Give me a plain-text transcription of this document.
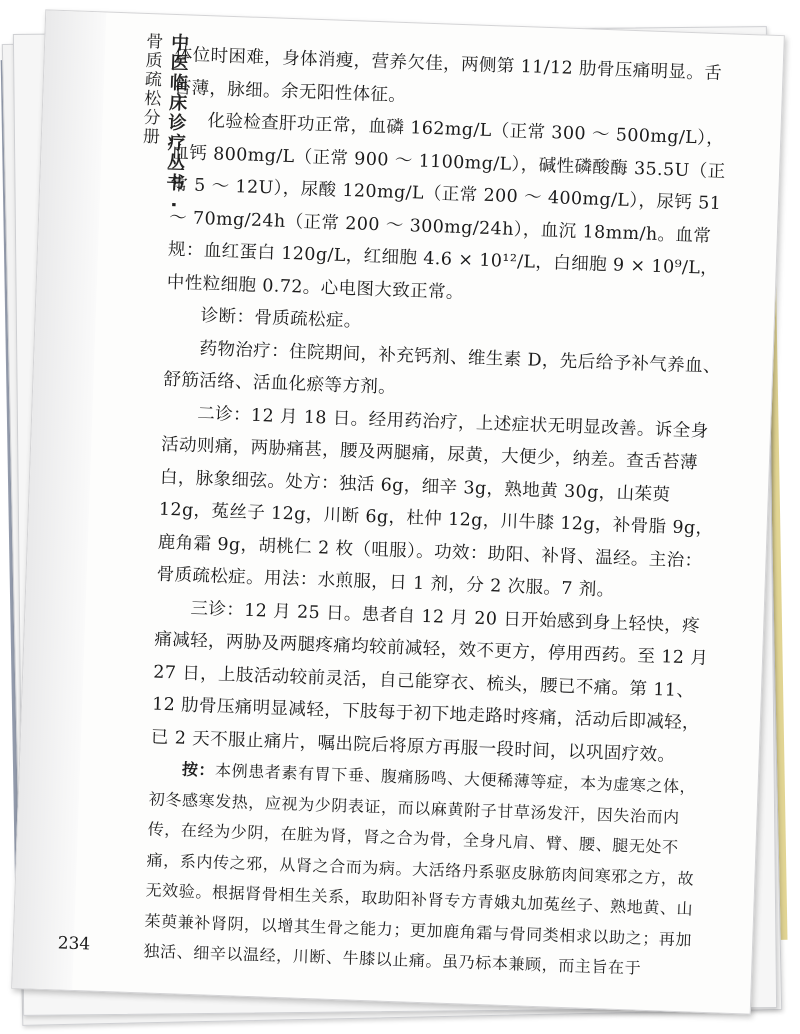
中医临床诊疗丛书 ·
骨质疏松分册 体位时困难，身体消瘦，营养欠佳，两侧第 11/12 肋骨压痛明显。舌苔薄，脉细。余无阳性体征。

化验检查肝功正常，血磷 162mg/L（正常 300 ～ 500mg/L），血钙 800mg/L（正常 900 ～ 1100mg/L），碱性磷酸酶 35.5U（正常 5 ～ 12U），尿酸 120mg/L（正常 200 ～ 400mg/L），尿钙 51 ～ 70mg/24h（正常 200 ～ 300mg/24h），血沉 18mm/h。血常规：血红蛋白 120g/L，红细胞 4.6 × 10¹²/L，白细胞 9 × 10⁹/L，中性粒细胞 0.72。心电图大致正常。

诊断：骨质疏松症。

药物治疗：住院期间，补充钙剂、维生素 D，先后给予补气养血、舒筋活络、活血化瘀等方剂。

二诊：12 月 18 日。经用药治疗，上述症状无明显改善。诉全身活动则痛，两胁痛甚，腰及两腿痛，尿黄，大便少，纳差。查舌苔薄白，脉象细弦。处方：独活 6g，细辛 3g，熟地黄 30g，山茱萸 12g，菟丝子 12g，川断 6g，杜仲 12g，川牛膝 12g，补骨脂 9g，鹿角霜 9g，胡桃仁 2 枚（咀服）。功效：助阳、补肾、温经。主治：骨质疏松症。用法：水煎服，日 1 剂，分 2 次服。7 剂。

三诊：12 月 25 日。患者自 12 月 20 日开始感到身上轻快，疼痛减轻，两胁及两腿疼痛均较前减轻，效不更方，停用西药。至 12 月 27 日，上肢活动较前灵活，自己能穿衣、梳头，腰已不痛。第 11、12 肋骨压痛明显减轻，下肢每于初下地走路时疼痛，活动后即减轻，已 2 天不服止痛片，嘱出院后将原方再服一段时间，以巩固疗效。

按：本例患者素有胃下垂、腹痛肠鸣、大便稀薄等症，本为虚寒之体，初冬感寒发热，应视为少阴表证，而以麻黄附子甘草汤发汗，因失治而内传，在经为少阴，在脏为肾，肾之合为骨，全身凡肩、臂、腰、腿无处不痛，系内传之邪，从肾之合而为病。大活络丹系驱皮脉筋肉间寒邪之方，故无效验。根据肾骨相生关系，取助阳补肾专方青娥丸加菟丝子、熟地黄、山茱萸兼补肾阴，以增其生骨之能力；更加鹿角霜与骨同类相求以助之；再加独活、细辛以温经，川断、牛膝以止痛。虽乃标本兼顾，而主旨在于

234
